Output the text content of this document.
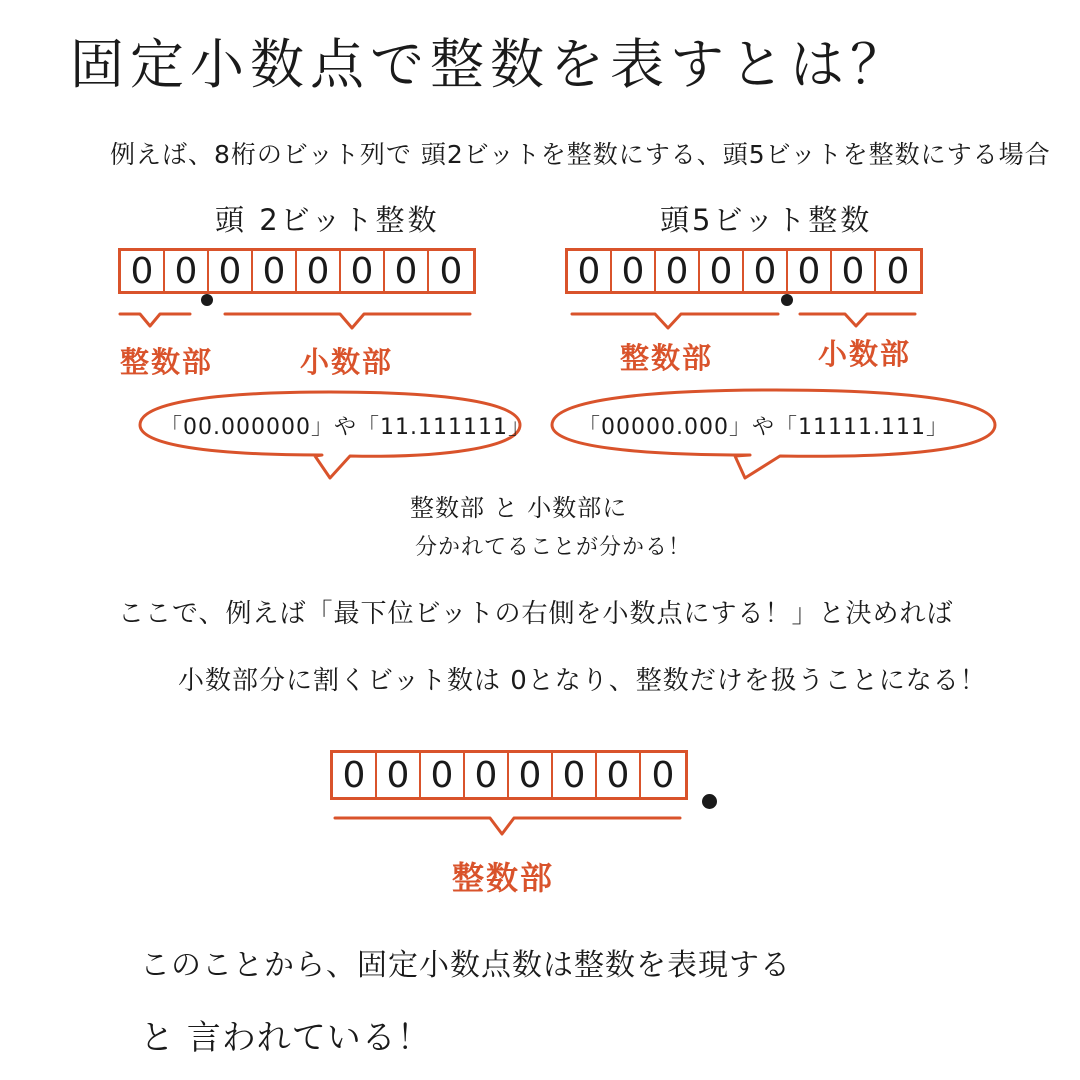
固定小数点で整数を表すとは？
例えば、8桁のビット列で 頭2ビットを整数にする、頭5ビットを整数にする場合
頭 2ビット整数	頭5ビット整数
0 0 0 0 0 0 0 0	0 0 0 0 0 0 0 0
整数部	小数部	整数部	小数部
「00.000000」や「11.111111」 「00000.000」や「11111.111」
整数部 と 小数部に
分かれてることが分かる！
ここで、例えば「最下位ビットの右側を小数点にする！」と決めれば
小数部分に割くビット数は 0となり、整数だけを扱うことになる！
0 0 0 0 0 0 0 0
整数部
このことから、固定小数点数は整数を表現する
と 言われている！
